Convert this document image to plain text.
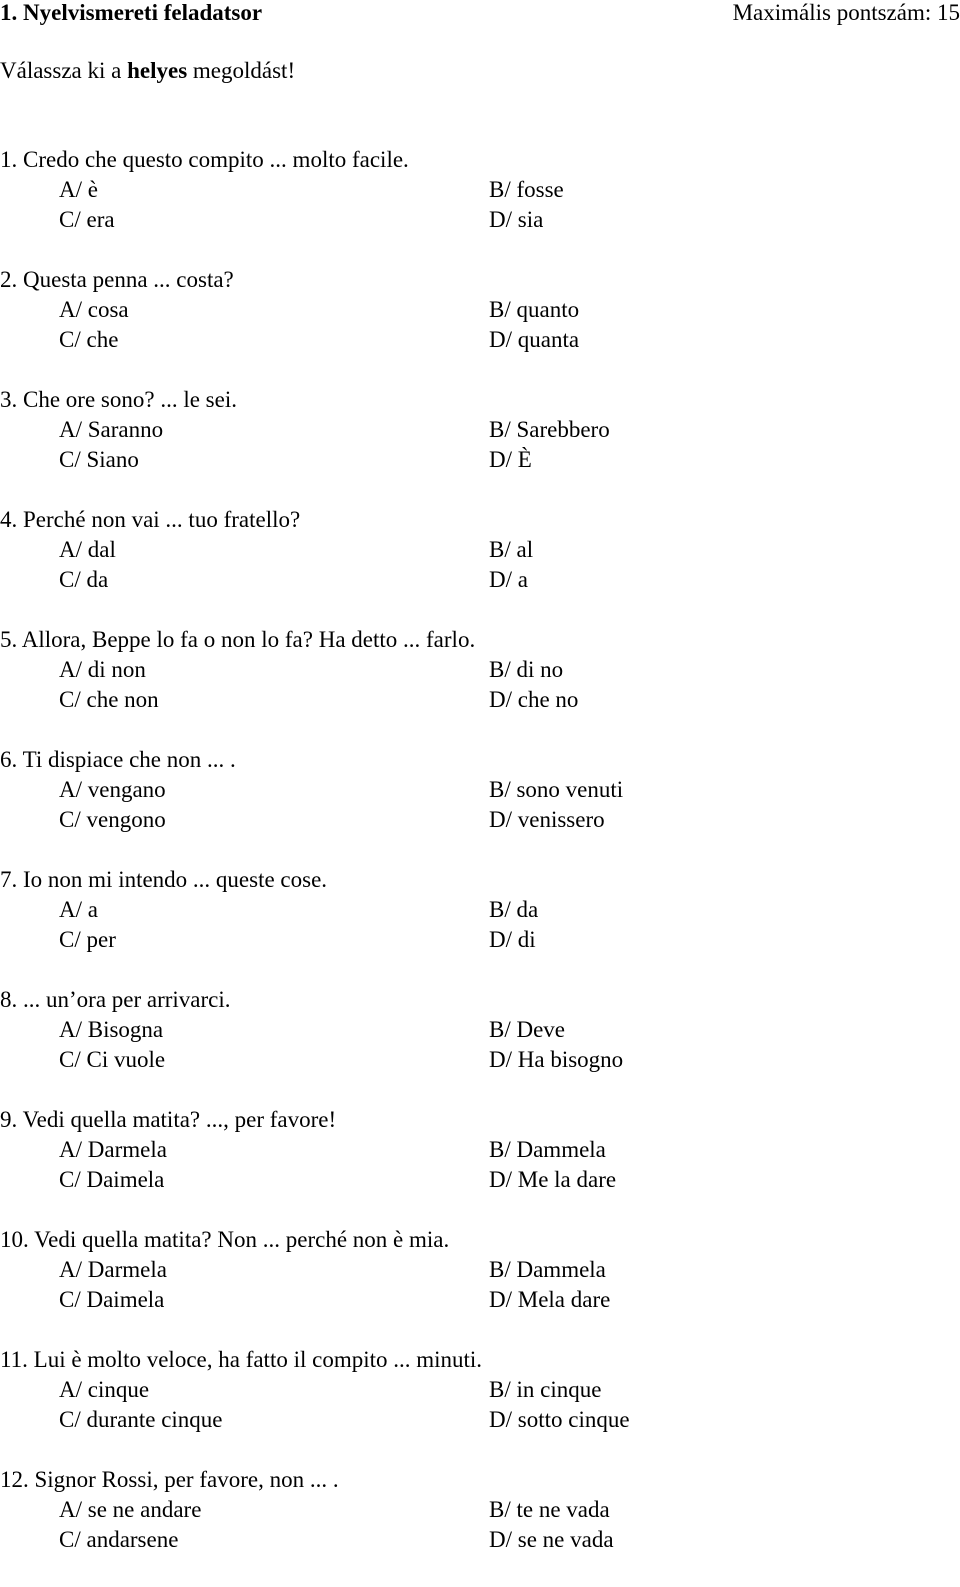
1. Nyelvismereti feladatsor	Maximális pontszám: 15
Válassza ki a helyes megoldást!
1. Credo che questo compito ... molto facile.
A/ è	B/ fosse
C/ era	D/ sia
2. Questa penna ... costa?
A/ cosa	B/ quanto
C/ che	D/ quanta
3. Che ore sono? ... le sei.
A/ Saranno	B/ Sarebbero
C/ Siano	D/ È
4. Perché non vai ... tuo fratello?
A/ dal	B/ al
C/ da	D/ a
5. Allora, Beppe lo fa o non lo fa? Ha detto ... farlo.
A/ di non	B/ di no
C/ che non	D/ che no
6. Ti dispiace che non ... .
A/ vengano	B/ sono venuti
C/ vengono	D/ venissero
7. Io non mi intendo ... queste cose.
A/ a	B/ da
C/ per	D/ di
8. ... un’ora per arrivarci.
A/ Bisogna	B/ Deve
C/ Ci vuole	D/ Ha bisogno
9. Vedi quella matita? ..., per favore!
A/ Darmela	B/ Dammela
C/ Daimela	D/ Me la dare
10. Vedi quella matita? Non ... perché non è mia.
A/ Darmela	B/ Dammela
C/ Daimela	D/ Mela dare
11. Lui è molto veloce, ha fatto il compito ... minuti.
A/ cinque	B/ in cinque
C/ durante cinque	D/ sotto cinque
12. Signor Rossi, per favore, non ... .
A/ se ne andare	B/ te ne vada
C/ andarsene	D/ se ne vada
